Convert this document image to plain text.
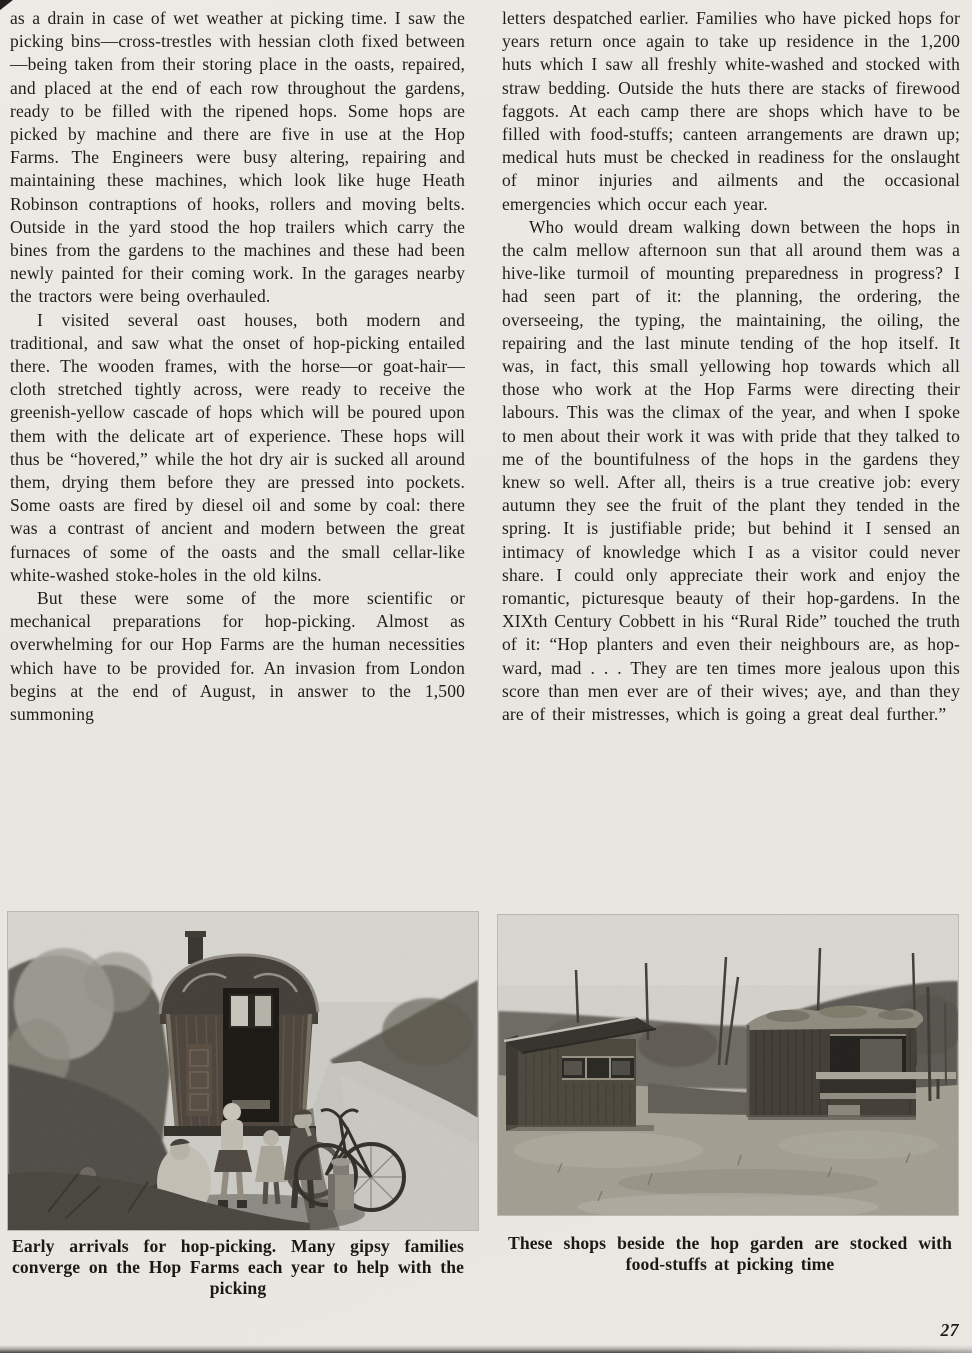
as a drain in case of wet weather at picking time. I saw the picking bins—cross-trestles with hessian cloth fixed between—being taken from their storing place in the oasts, repaired, and placed at the end of each row throughout the gardens, ready to be filled with the ripened hops. Some hops are picked by machine and there are five in use at the Hop Farms. The Engineers were busy altering, repairing and maintaining these machines, which look like huge Heath Robinson contraptions of hooks, rollers and moving belts. Outside in the yard stood the hop trailers which carry the bines from the gardens to the machines and these had been newly painted for their coming work. In the garages nearby the tractors were being overhauled.

I visited several oast houses, both modern and traditional, and saw what the onset of hop-picking entailed there. The wooden frames, with the horse—or goat-hair—cloth stretched tightly across, were ready to receive the greenish-yellow cascade of hops which will be poured upon them with the delicate art of experience. These hops will thus be “hovered,” while the hot dry air is sucked all around them, drying them before they are pressed into pockets. Some oasts are fired by diesel oil and some by coal: there was a contrast of ancient and modern between the great furnaces of some of the oasts and the small cellar-like white-washed stoke-holes in the old kilns.

But these were some of the more scientific or mechanical preparations for hop-picking. Almost as overwhelming for our Hop Farms are the human necessities which have to be provided for. An invasion from London begins at the end of August, in answer to the 1,500 summoning

letters despatched earlier. Families who have picked hops for years return once again to take up residence in the 1,200 huts which I saw all freshly white-washed and stocked with straw bedding. Outside the huts there are stacks of firewood faggots. At each camp there are shops which have to be filled with food-stuffs; canteen arrangements are drawn up; medical huts must be checked in readiness for the onslaught of minor injuries and ailments and the occasional emergencies which occur each year.

Who would dream walking down between the hops in the calm mellow afternoon sun that all around them was a hive-like turmoil of mounting preparedness in progress? I had seen part of it: the planning, the ordering, the overseeing, the typing, the maintaining, the oiling, the repairing and the last minute tending of the hop itself. It was, in fact, this small yellowing hop towards which all those who work at the Hop Farms were directing their labours. This was the climax of the year, and when I spoke to men about their work it was with pride that they talked to me of the bountifulness of the hops in the gardens they knew so well. After all, theirs is a true creative job: every autumn they see the fruit of the plant they tended in the spring. It is justifiable pride; but behind it I sensed an intimacy of knowledge which I as a visitor could never share. I could only appreciate their work and enjoy the romantic, picturesque beauty of their hop-gardens. In the XIXth Century Cobbett in his “Rural Ride” touched the truth of it: “Hop planters and even their neighbours are, as hop-ward, mad . . . They are ten times more jealous upon this score than men ever are of their wives; aye, and than they are of their mistresses, which is going a great deal further.”

Early arrivals for hop-picking. Many gipsy families converge on the Hop Farms each year to help with the picking
These shops beside the hop garden are stocked with food-stuffs at picking time
27
